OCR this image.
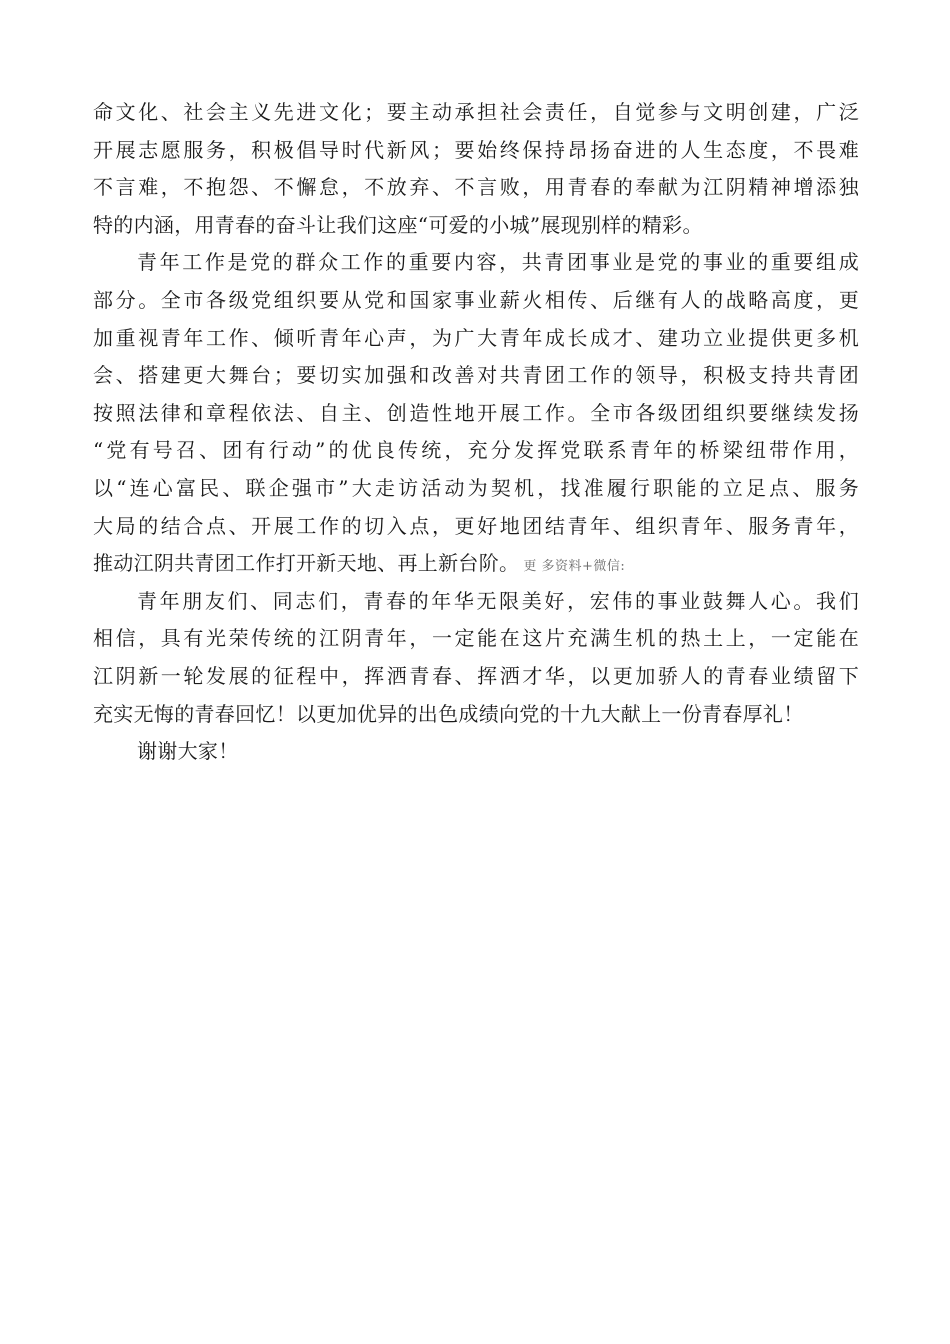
命文化、社会主义先进文化；要主动承担社会责任，自觉参与文明创建，广泛
开展志愿服务，积极倡导时代新风；要始终保持昂扬奋进的人生态度，不畏难
不言难，不抱怨、不懈怠，不放弃、不言败，用青春的奉献为江阴精神增添独
特的内涵，用青春的奋斗让我们这座“可爱的小城”展现别样的精彩。
青年工作是党的群众工作的重要内容，共青团事业是党的事业的重要组成
部分。全市各级党组织要从党和国家事业薪火相传、后继有人的战略高度，更
加重视青年工作、倾听青年心声，为广大青年成长成才、建功立业提供更多机
会、搭建更大舞台；要切实加强和改善对共青团工作的领导，积极支持共青团
按照法律和章程依法、自主、创造性地开展工作。全市各级团组织要继续发扬
“党有号召、团有行动”的优良传统，充分发挥党联系青年的桥梁纽带作用，
以“连心富民、联企强市”大走访活动为契机，找准履行职能的立足点、服务
大局的结合点、开展工作的切入点，更好地团结青年、组织青年、服务青年，
推动江阴共青团工作打开新天地、再上新台阶。 更 多资料+微信:
青年朋友们、同志们，青春的年华无限美好，宏伟的事业鼓舞人心。我们
相信，具有光荣传统的江阴青年，一定能在这片充满生机的热土上，一定能在
江阴新一轮发展的征程中，挥洒青春、挥洒才华，以更加骄人的青春业绩留下
充实无悔的青春回忆！以更加优异的出色成绩向党的十九大献上一份青春厚礼！
谢谢大家！
